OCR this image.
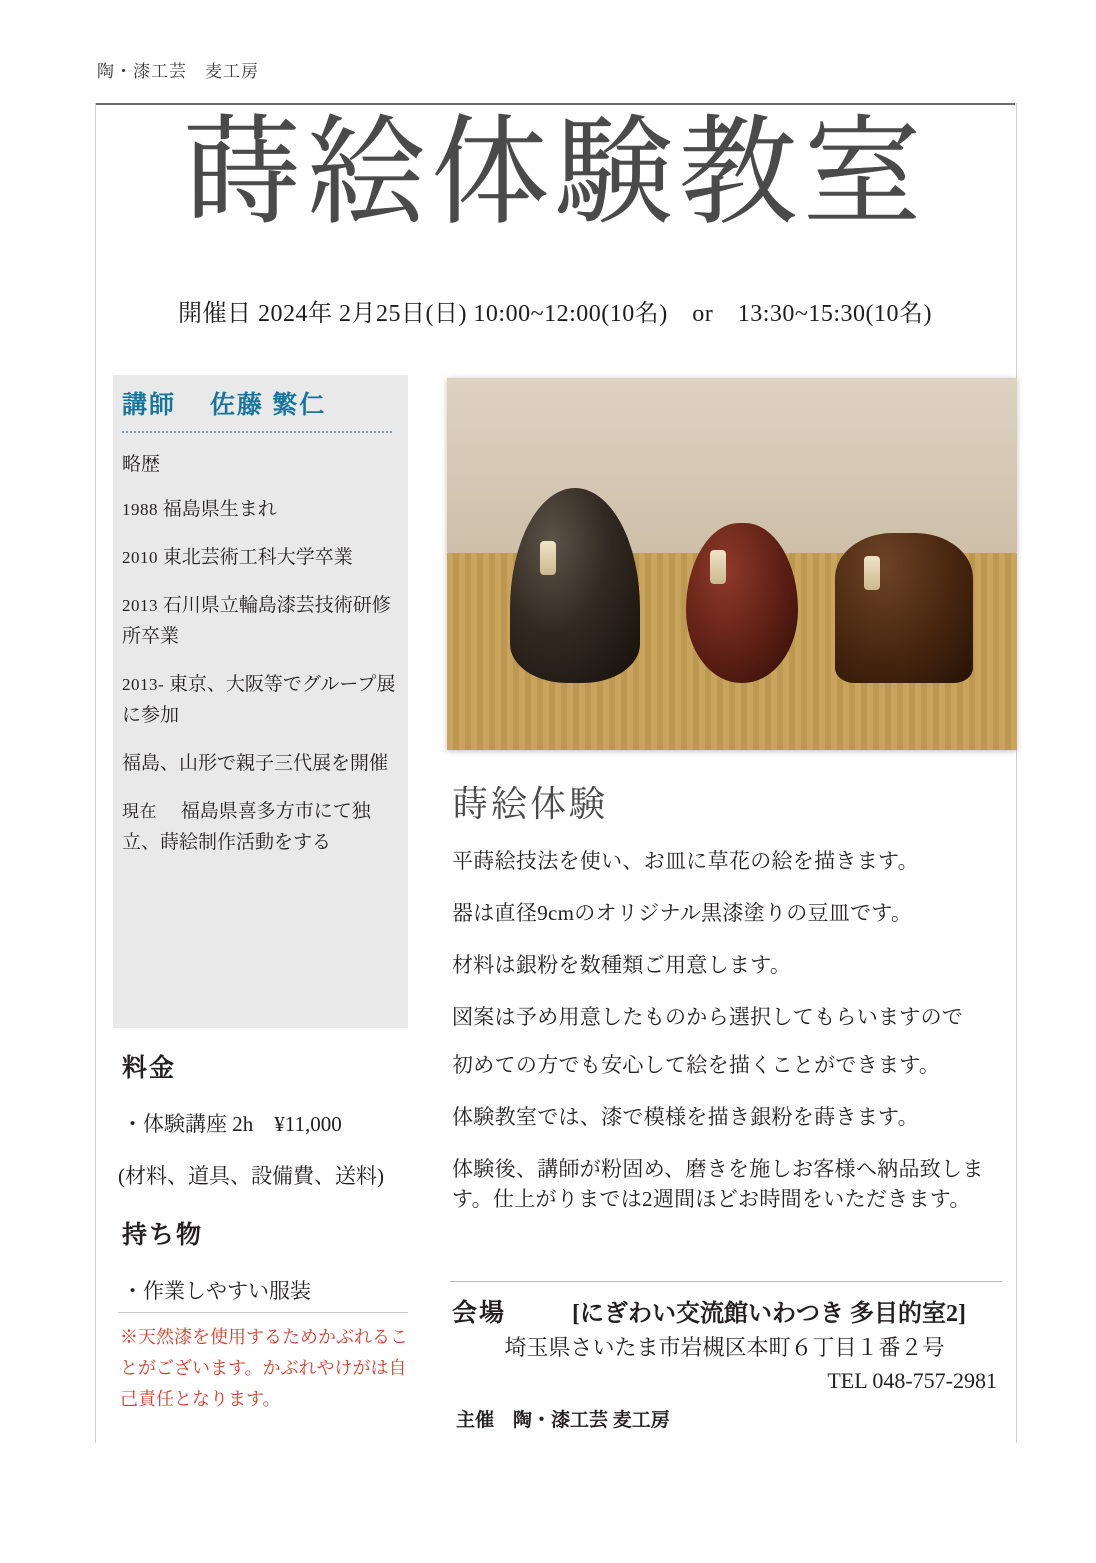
陶・漆工芸　麦工房
蒔絵体験教室
開催日 2024年 2月25日(日) 10:00~12:00(10名)　or　13:30~15:30(10名)
講師 佐藤 繁仁
略歴
1988 福島県生まれ
2010 東北芸術工科大学卒業
2013 石川県立輪島漆芸技術研修所卒業
2013- 東京、大阪等でグループ展に参加
福島、山形で親子三代展を開催
現在 　福島県喜多方市にて独立、蒔絵制作活動をする
料金
・体験講座 2h　¥11,000
(材料、道具、設備費、送料)
持ち物
・作業しやすい服装
※天然漆を使用するためかぶれることがございます。かぶれやけがは自己責任となります。
蒔絵体験

平蒔絵技法を使い、お皿に草花の絵を描きます。

器は直径9cmのオリジナル黒漆塗りの豆皿です。

材料は銀粉を数種類ご用意します。

図案は予め用意したものから選択してもらいますので

初めての方でも安心して絵を描くことができます。

体験教室では、漆で模様を描き銀粉を蒔きます。

体験後、講師が粉固め、磨きを施しお客様へ納品致します。仕上がりまでは2週間ほどお時間をいただきます。

会場	[にぎわい交流館いわつき 多目的室2]
埼玉県さいたま市岩槻区本町６丁目１番２号
TEL 048-757-2981
主催　陶・漆工芸 麦工房
